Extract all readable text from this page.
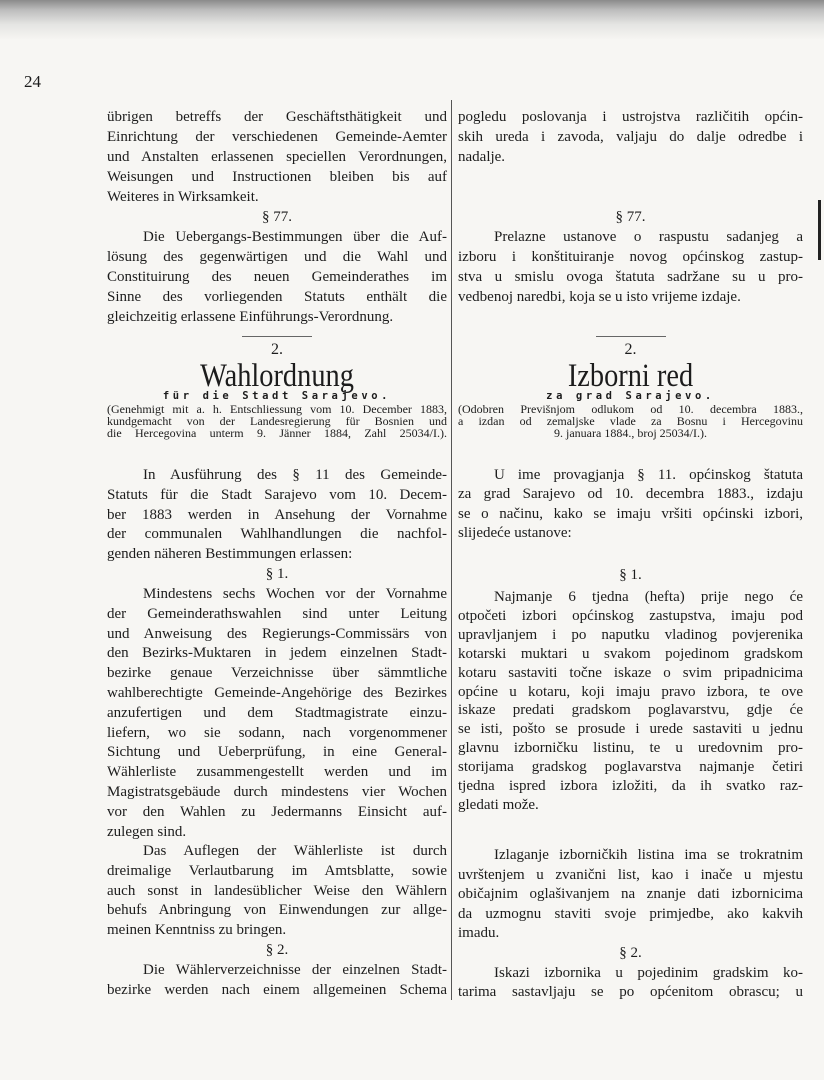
24
übrigen betreffs der Geschäftsthätigkeit und
Einrichtung der verschiedenen Gemeinde-Aemter
und Anstalten erlassenen speciellen Verordnungen,
Weisungen und Instructionen bleiben bis auf
Weiteres in Wirksamkeit.
§ 77.
Die Uebergangs-Bestimmungen über die Auf-
lösung des gegenwärtigen und die Wahl und
Constituirung des neuen Gemeinderathes im
Sinne des vorliegenden Statuts enthält die
gleichzeitig erlassene Einführungs-Verordnung.
2.
Wahlordnung
für die Stadt Sarajevo.
(Genehmigt mit a. h. Entschliessung vom 10. December 1883,
kundgemacht von der Landesregierung für Bosnien und
die Hercegovina unterm 9. Jänner 1884, Zahl 25034/I.).
In Ausführung des § 11 des Gemeinde-
Statuts für die Stadt Sarajevo vom 10. Decem-
ber 1883 werden in Ansehung der Vornahme
der communalen Wahlhandlungen die nachfol-
genden näheren Bestimmungen erlassen:
§ 1.
Mindestens sechs Wochen vor der Vornahme
der Gemeinderathswahlen sind unter Leitung
und Anweisung des Regierungs-Commissärs von
den Bezirks-Muktaren in jedem einzelnen Stadt-
bezirke genaue Verzeichnisse über sämmtliche
wahlberechtigte Gemeinde-Angehörige des Bezirkes
anzufertigen und dem Stadtmagistrate einzu-
liefern, wo sie sodann, nach vorgenommener
Sichtung und Ueberprüfung, in eine General-
Wählerliste zusammengestellt werden und im
Magistratsgebäude durch mindestens vier Wochen
vor den Wahlen zu Jedermanns Einsicht auf-
zulegen sind.
Das Auflegen der Wählerliste ist durch
dreimalige Verlautbarung im Amtsblatte, sowie
auch sonst in landesüblicher Weise den Wählern
behufs Anbringung von Einwendungen zur allge-
meinen Kenntniss zu bringen.
§ 2.
Die Wählerverzeichnisse der einzelnen Stadt-
bezirke werden nach einem allgemeinen Schema
pogledu poslovanja i ustrojstva različitih općin-
skih ureda i zavoda, valjaju do dalje odredbe i
nadalje.
§ 77.
Prelazne ustanove o raspustu sadanjeg a
izboru i konštituiranje novog općinskog zastup-
stva u smislu ovoga štatuta sadržane su u pro-
vedbenoj naredbi, koja se u isto vrijeme izdaje.
2.
Izborni red
za grad Sarajevo.
(Odobren Previšnjom odlukom od 10. decembra 1883.,
a izdan od zemaljske vlade za Bosnu i Hercegovinu
9. januara 1884., broj 25034/I.).
U ime provagjanja § 11. općinskog štatuta
za grad Sarajevo od 10. decembra 1883., izdaju
se o načinu, kako se imaju vršiti općinski izbori,
slijedeće ustanove:
§ 1.
Najmanje 6 tjedna (hefta) prije nego će
otpočeti izbori općinskog zastupstva, imaju pod
upravljanjem i po naputku vladinog povjerenika
kotarski muktari u svakom pojedinom gradskom
kotaru sastaviti točne iskaze o svim pripadnicima
općine u kotaru, koji imaju pravo izbora, te ove
iskaze predati gradskom poglavarstvu, gdje će
se isti, pošto se prosude i urede sastaviti u jednu
glavnu izborničku listinu, te u uredovnim pro-
storijama gradskog poglavarstva najmanje četiri
tjedna ispred izbora izložiti, da ih svatko raz-
gledati može.
Izlaganje izborničkih listina ima se trokratnim
uvrštenjem u zvanični list, kao i inače u mjestu
običajnim oglašivanjem na znanje dati izbornicima
da uzmognu staviti svoje primjedbe, ako kakvih
imadu.
§ 2.
Iskazi izbornika u pojedinim gradskim ko-
tarima sastavljaju se po općenitom obrascu; u
